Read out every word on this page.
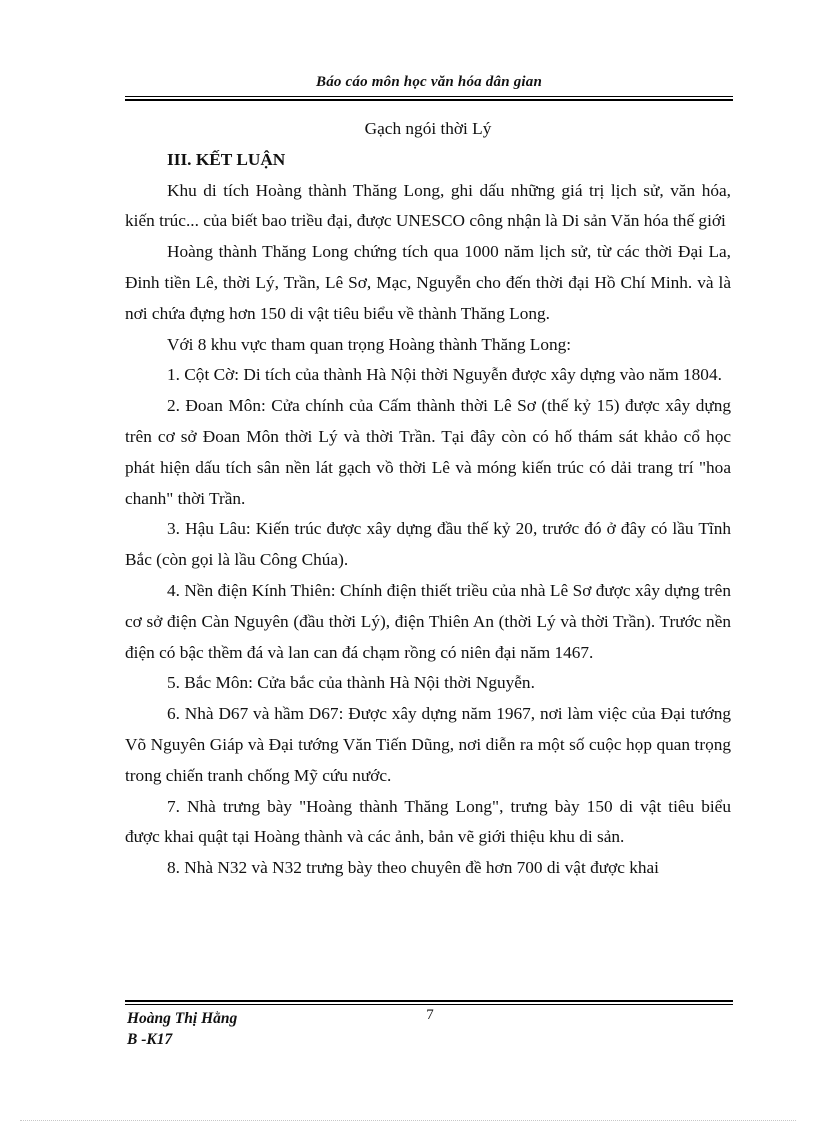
Báo cáo môn học văn hóa dân gian

Gạch ngói thời Lý

III. KẾT LUẬN

Khu di tích Hoàng thành Thăng Long, ghi dấu những giá trị lịch sử, văn hóa, kiến trúc... của biết bao triều đại, được UNESCO công nhận là Di sản Văn hóa thế giới

Hoàng thành Thăng Long chứng tích qua 1000 năm lịch sử, từ các thời Đại La, Đinh tiền Lê, thời Lý, Trần, Lê Sơ, Mạc, Nguyễn cho đến thời đại Hồ Chí Minh. và là nơi chứa đựng hơn 150 di vật tiêu biểu về thành Thăng Long.

Với 8 khu vực tham quan trọng Hoàng thành Thăng Long:

1. Cột Cờ: Di tích của thành Hà Nội thời Nguyễn được xây dựng vào năm 1804.

2. Đoan Môn: Cửa chính của Cấm thành thời Lê Sơ (thế kỷ 15) được xây dựng trên cơ sở Đoan Môn thời Lý và thời Trần. Tại đây còn có hố thám sát khảo cổ học phát hiện dấu tích sân nền lát gạch vồ thời Lê và móng kiến trúc có dải trang trí "hoa chanh" thời Trần.

3. Hậu Lâu: Kiến trúc được xây dựng đầu thế kỷ 20, trước đó ở đây có lầu Tĩnh Bắc (còn gọi là lầu Công Chúa).

4. Nền điện Kính Thiên: Chính điện thiết triều của nhà Lê Sơ được xây dựng trên cơ sở điện Càn Nguyên (đầu thời Lý), điện Thiên An (thời Lý và thời Trần). Trước nền điện có bậc thềm đá và lan can đá chạm rồng có niên đại năm 1467.

5. Bắc Môn: Cửa bắc của thành Hà Nội thời Nguyễn.

6. Nhà D67 và hầm D67: Được xây dựng năm 1967, nơi làm việc của Đại tướng Võ Nguyên Giáp và Đại tướng Văn Tiến Dũng, nơi diễn ra một số cuộc họp quan trọng trong chiến tranh chống Mỹ cứu nước.

7. Nhà trưng bày "Hoàng thành Thăng Long", trưng bày 150 di vật tiêu biểu được khai quật tại Hoàng thành và các ảnh, bản vẽ giới thiệu khu di sản.

8. Nhà N32 và N32 trưng bày theo chuyên đề hơn 700 di vật được khai

Hoàng Thị Hằng
B -K17
7
